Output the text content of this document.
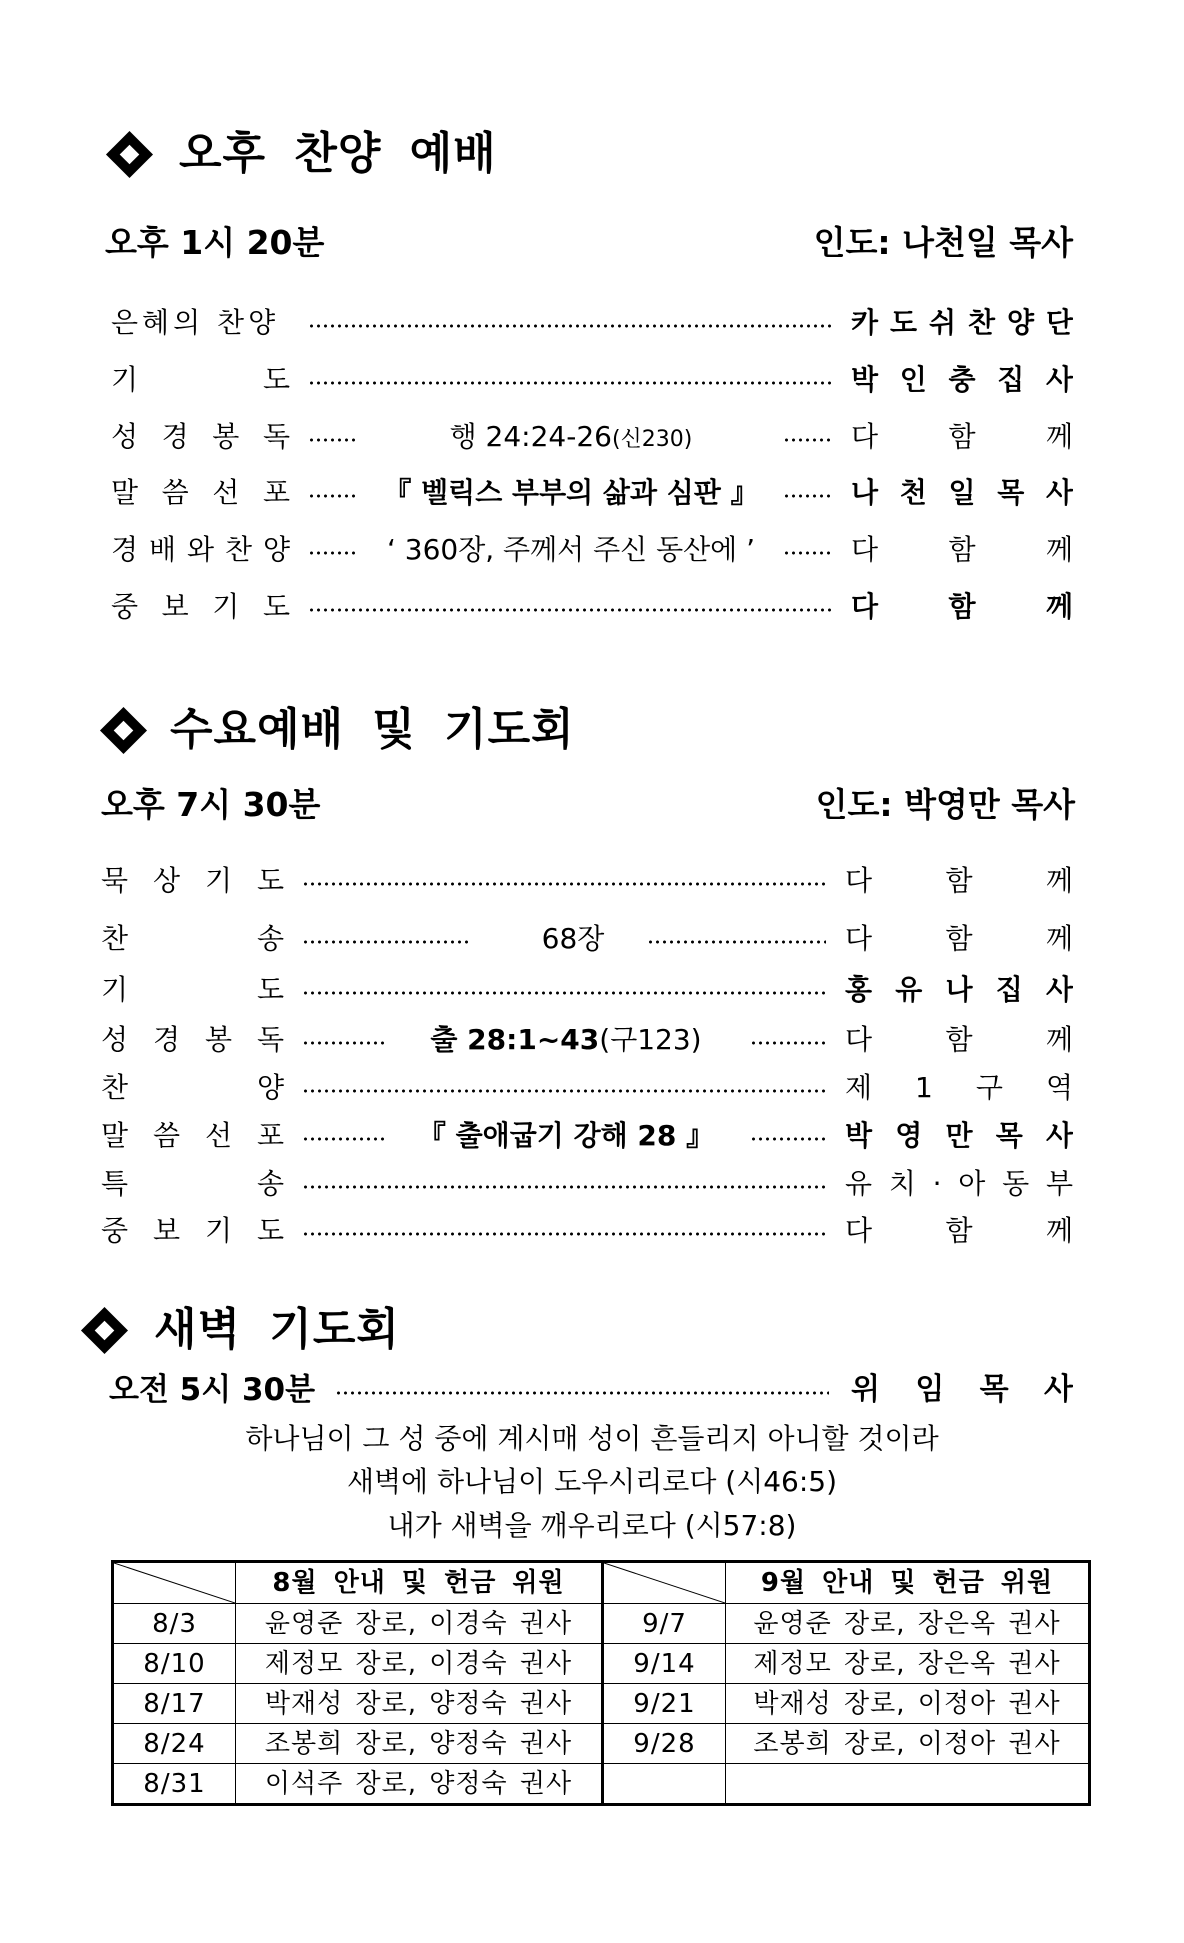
오후 찬양 예배
오후 1시 20분	인도: 나천일 목사
은혜의 찬양	카 도 쉬 찬 양 단
기 도	박 인 충 집 사
성 경 봉 독	행 24:24-26(신230)	다 함 께
말 씀 선 포	『 벨릭스 부부의 삶과 심판 』	나 천 일 목 사
경 배 와 찬 양	‘ 360장, 주께서 주신 동산에 ’	다 함 께
중 보 기 도	다 함 께
수요예배 및 기도회
오후 7시 30분	인도: 박영만 목사
묵 상 기 도	다 함 께
찬 송	68장	다 함 께
기 도	홍 유 나 집 사
성 경 봉 독	출 28:1~43(구123)	다 함 께
찬 양	제 1 구 역
말 씀 선 포	『 출애굽기 강해 28 』	박 영 만 목 사
특 송	유 치 · 아 동 부
중 보 기 도	다 함 께
새벽 기도회
오전 5시 30분	위 임 목 사
하나님이 그 성 중에 계시매 성이 흔들리지 아니할 것이라
새벽에 하나님이 도우시리로다 (시46:5)
내가 새벽을 깨우리로다 (시57:8)
	8월 안내 및 헌금 위원		9월 안내 및 헌금 위원
8/3	윤영준 장로, 이경숙 권사	9/7	윤영준 장로, 장은옥 권사
8/10	제정모 장로, 이경숙 권사	9/14	제정모 장로, 장은옥 권사
8/17	박재성 장로, 양정숙 권사	9/21	박재성 장로, 이정아 권사
8/24	조봉희 장로, 양정숙 권사	9/28	조봉희 장로, 이정아 권사
8/31	이석주 장로, 양정숙 권사		
